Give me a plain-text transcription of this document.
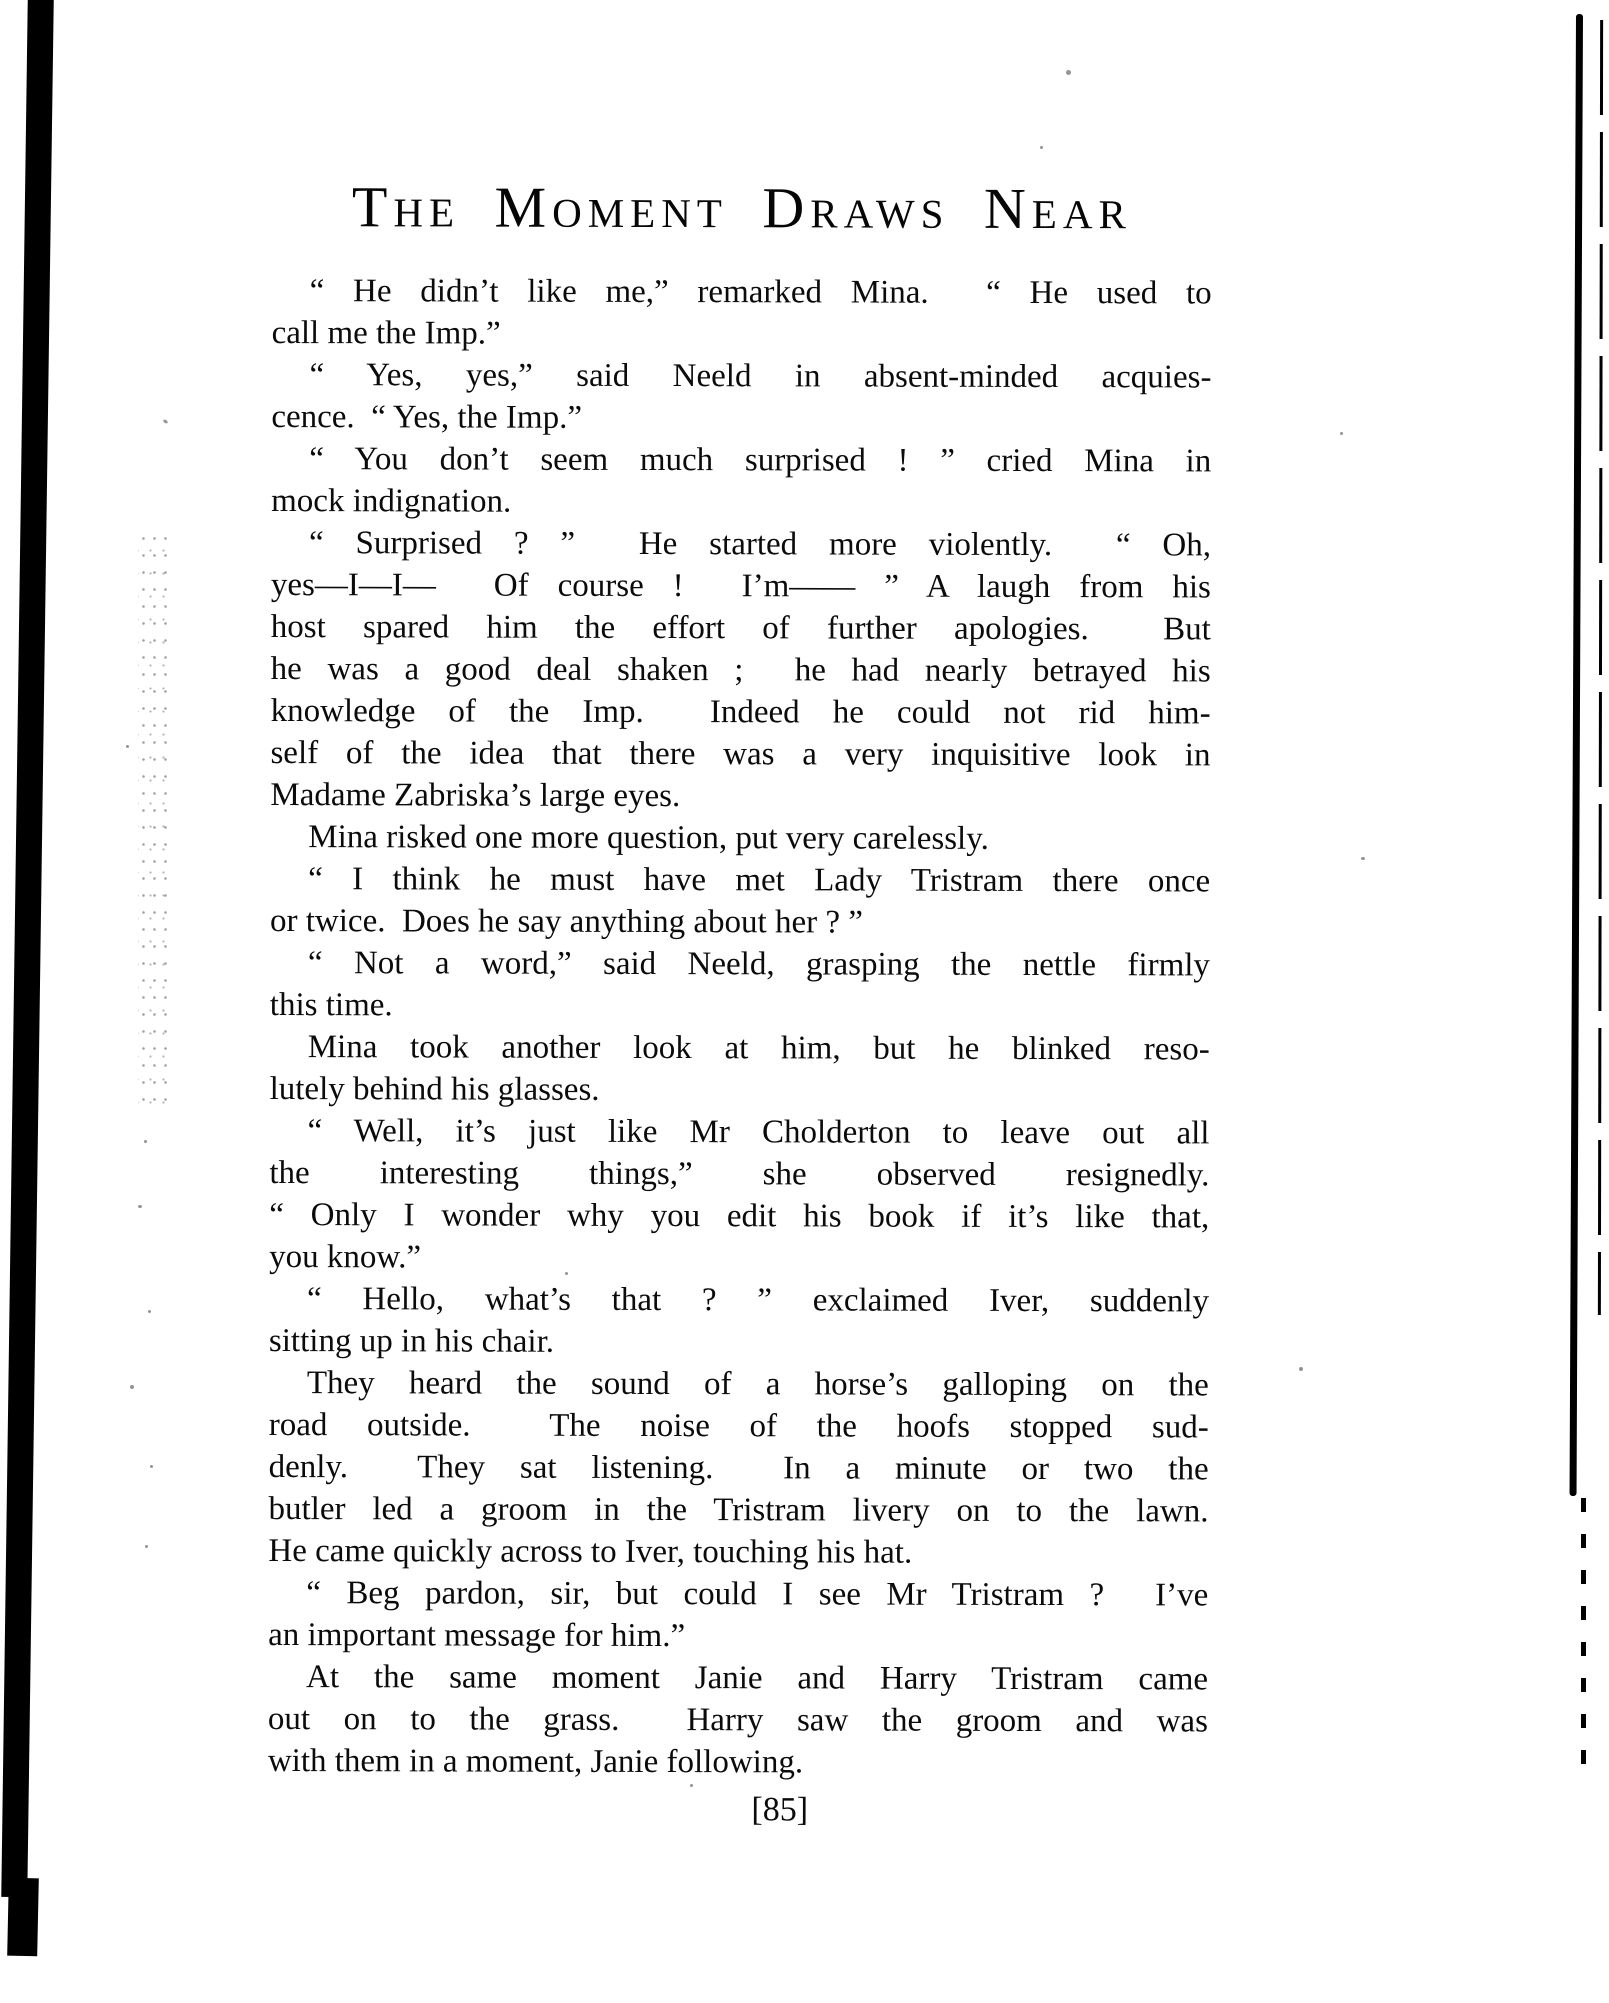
The Moment Draws Near
“ He didn’t like me,” remarked Mina.  “ He used to
call me the Imp.”
“ Yes, yes,” said Neeld in absent-minded acquies-
cence.  “ Yes, the Imp.”
“ You don’t seem much surprised ! ” cried Mina in
mock indignation.
“ Surprised ? ”  He started more violently.  “ Oh,
yes—I—I—  Of course !  I’m—— ” A laugh from his
host spared him the effort of further apologies.  But
he was a good deal shaken ;  he had nearly betrayed his
knowledge of the Imp.  Indeed he could not rid him-
self of the idea that there was a very inquisitive look in
Madame Zabriska’s large eyes.
Mina risked one more question, put very carelessly.
“ I think he must have met Lady Tristram there once
or twice.  Does he say anything about her ? ”
“ Not a word,” said Neeld, grasping the nettle firmly
this time.
Mina took another look at him, but he blinked reso-
lutely behind his glasses.
“ Well, it’s just like Mr Cholderton to leave out all
the interesting things,” she observed resignedly.
“ Only I wonder why you edit his book if it’s like that,
you know.”
“ Hello, what’s that ? ” exclaimed Iver, suddenly
sitting up in his chair.
They heard the sound of a horse’s galloping on the
road outside.  The noise of the hoofs stopped sud-
denly.  They sat listening.  In a minute or two the
butler led a groom in the Tristram livery on to the lawn.
He came quickly across to Iver, touching his hat.
“ Beg pardon, sir, but could I see Mr Tristram ?  I’ve
an important message for him.”
At the same moment Janie and Harry Tristram came
out on to the grass.  Harry saw the groom and was
with them in a moment, Janie following.
[85]
